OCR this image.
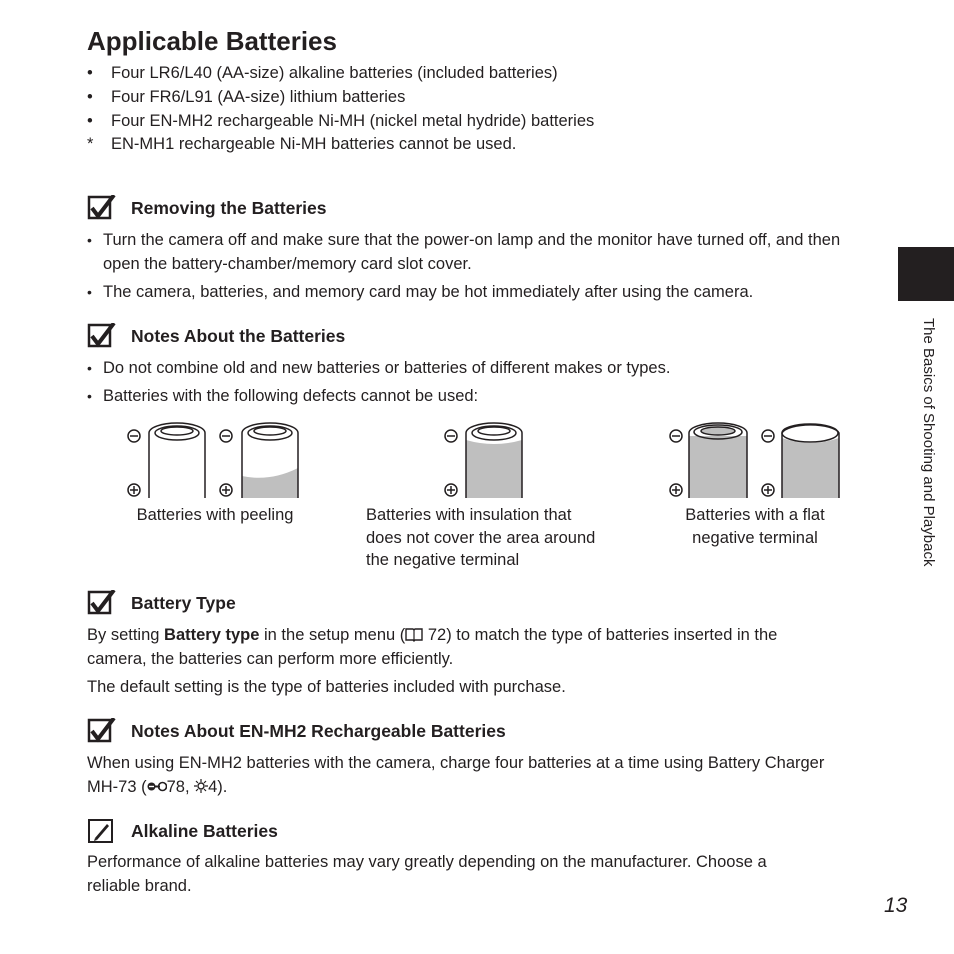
Applicable Batteries
• Four LR6/L40 (AA-size) alkaline batteries (included batteries)
• Four FR6/L91 (AA-size) lithium batteries
• Four EN-MH2 rechargeable Ni-MH (nickel metal hydride) batteries
* EN-MH1 rechargeable Ni-MH batteries cannot be used.
Removing the Batteries
• Turn the camera off and make sure that the power-on lamp and the monitor have turned off, and then open the battery-chamber/memory card slot cover.
• The camera, batteries, and memory card may be hot immediately after using the camera.
Notes About the Batteries
• Do not combine old and new batteries or batteries of different makes or types.
• Batteries with the following defects cannot be used:
Batteries with peeling	Batteries with insulation that
does not cover the area around
the negative terminal
Batteries with a flat
negative terminal
Battery Type
By setting Battery type in the setup menu ( 72) to match the type of batteries inserted in the
camera, the batteries can perform more efficiently.
The default setting is the type of batteries included with purchase.
Notes About EN-MH2 Rechargeable Batteries
When using EN-MH2 batteries with the camera, charge four batteries at a time using Battery Charger
MH-73 ( 78, 4).
Alkaline Batteries
Performance of alkaline batteries may vary greatly depending on the manufacturer. Choose a
reliable brand.
The Basics of Shooting and Playback
13
